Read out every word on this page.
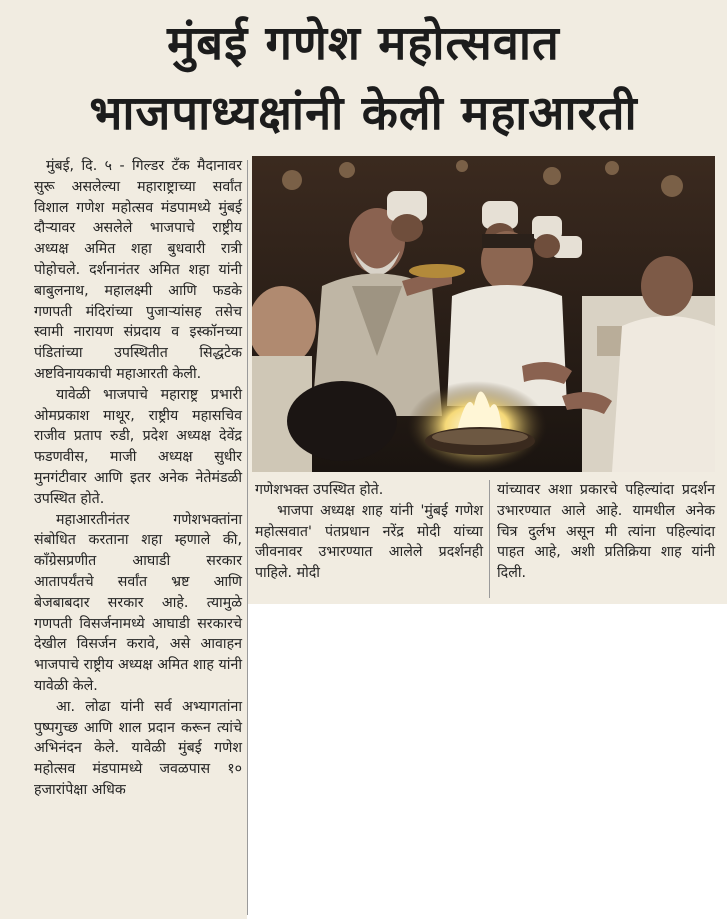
मुंबई गणेश महोत्सवात
भाजपाध्यक्षांनी केली महाआरती

मुंबई, दि. ५ - गिल्डर टँक मैदानावर सुरू असलेल्या महाराष्ट्राच्या सर्वांत विशाल गणेश महोत्सव मंडपामध्ये मुंबई दौऱ्यावर असलेले भाजपाचे राष्ट्रीय अध्यक्ष अमित शहा बुधवारी रात्री पोहोचले. दर्शनानंतर अमित शहा यांनी बाबुलनाथ, महालक्ष्मी आणि फडके गणपती मंदिरांच्या पुजाऱ्यांसह तसेच स्वामी नारायण संप्रदाय व इस्कॉनच्या पंडितांच्या उपस्थितीत सिद्धटेक अष्टविनायकाची महाआरती केली.

यावेळी भाजपाचे महाराष्ट्र प्रभारी ओमप्रकाश माथूर, राष्ट्रीय महासचिव राजीव प्रताप रुडी, प्रदेश अध्यक्ष देवेंद्र फडणवीस, माजी अध्यक्ष सुधीर मुनगंटीवार आणि इतर अनेक नेतेमंडळी उपस्थित होते.

महाआरतीनंतर गणेशभक्तांना संबोधित करताना शहा म्हणाले की, काँग्रेसप्रणीत आघाडी सरकार आतापर्यंतचे सर्वांत भ्रष्ट आणि बेजबाबदार सरकार आहे. त्यामुळे गणपती विसर्जनामध्ये आघाडी सरकारचे देखील विसर्जन करावे, असे आवाहन भाजपाचे राष्ट्रीय अध्यक्ष अमित शाह यांनी यावेळी केले.

आ. लोढा यांनी सर्व अभ्यागतांना पुष्पगुच्छ आणि शाल प्रदान करून त्यांचे अभिनंदन केले. यावेळी मुंबई गणेश महोत्सव मंडपामध्ये जवळपास १० हजारांपेक्षा अधिक

गणेशभक्त उपस्थित होते.

भाजपा अध्यक्ष शाह यांनी 'मुंबई गणेश महोत्सवात' पंतप्रधान नरेंद्र मोदी यांच्या जीवनावर उभारण्यात आलेले प्रदर्शनही पाहिले. मोदी

यांच्यावर अशा प्रकारचे पहिल्यांदा प्रदर्शन उभारण्यात आले आहे. यामधील अनेक चित्र दुर्लभ असून मी त्यांना पहिल्यांदा पाहत आहे, अशी प्रतिक्रिया शाह यांनी दिली.
